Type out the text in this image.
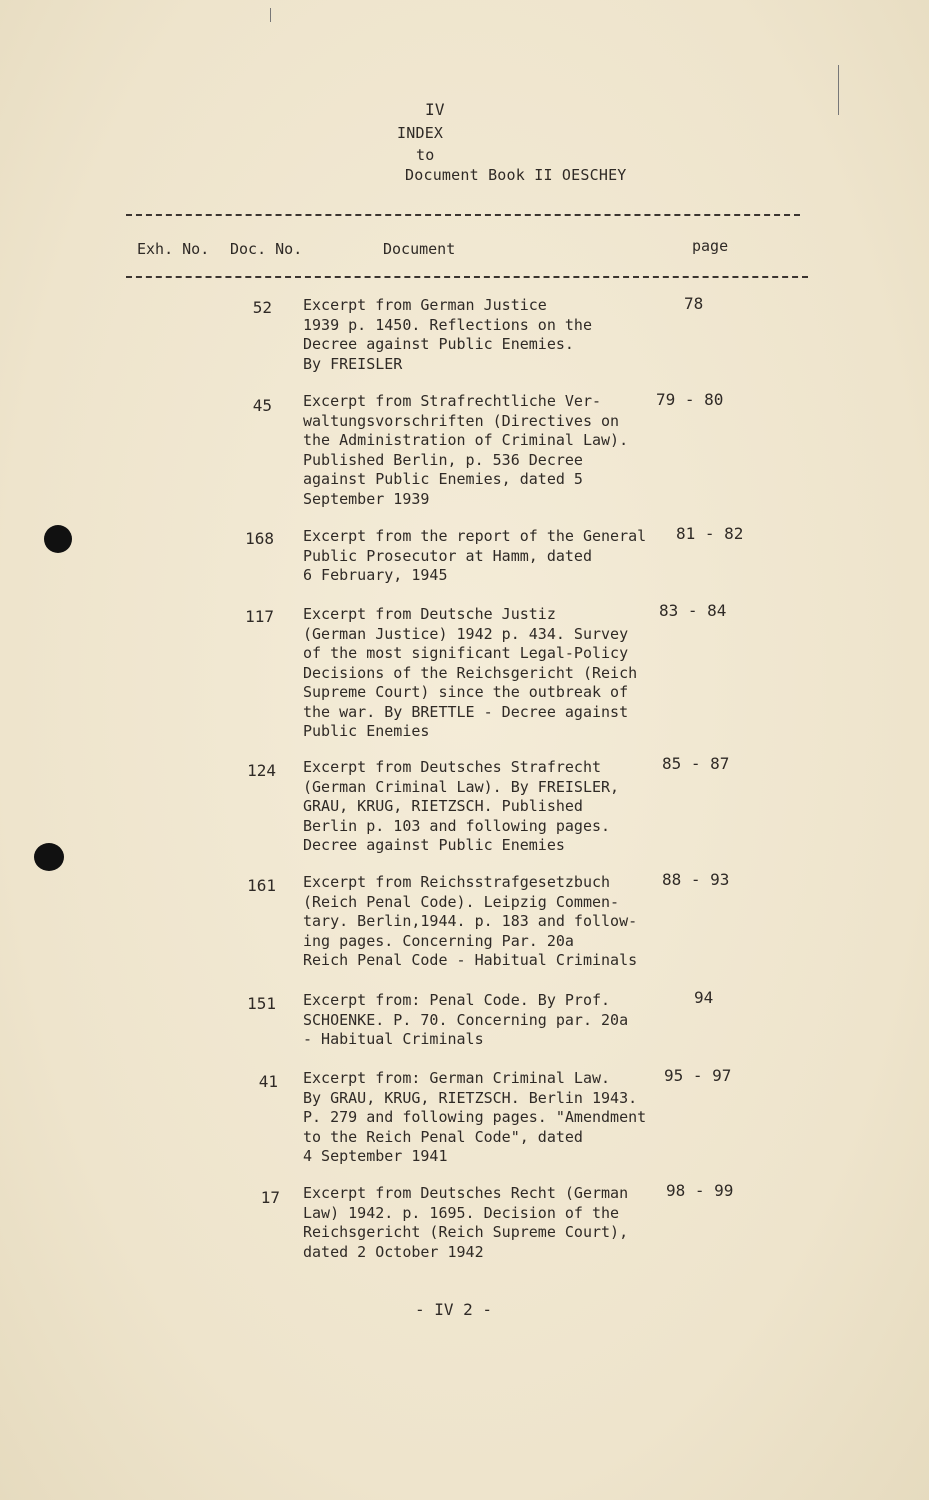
IV
INDEX
to
Document Book II OESCHEY
Exh. No. Doc. No.	Document	page
52 Excerpt from German Justice
1939 p. 1450. Reflections on the
Decree against Public Enemies.
By FREISLER
78
45 Excerpt from Strafrechtliche Ver-
waltungsvorschriften (Directives on
the Administration of Criminal Law).
Published Berlin, p. 536 Decree
against Public Enemies, dated 5
September 1939
79 - 80
168 Excerpt from the report of the General
Public Prosecutor at Hamm, dated
6 February, 1945
81 - 82
117 Excerpt from Deutsche Justiz
(German Justice) 1942 p. 434. Survey
of the most significant Legal-Policy
Decisions of the Reichsgericht (Reich
Supreme Court) since the outbreak of
the war. By BRETTLE - Decree against
Public Enemies
83 - 84
124 Excerpt from Deutsches Strafrecht
(German Criminal Law). By FREISLER,
GRAU, KRUG, RIETZSCH. Published
Berlin p. 103 and following pages.
Decree against Public Enemies
85 - 87
161 Excerpt from Reichsstrafgesetzbuch
(Reich Penal Code). Leipzig Commen-
tary. Berlin,1944. p. 183 and follow-
ing pages. Concerning Par. 20a
Reich Penal Code - Habitual Criminals
88 - 93
151 Excerpt from: Penal Code. By Prof.
SCHOENKE. P. 70. Concerning par. 20a
- Habitual Criminals
94
41 Excerpt from: German Criminal Law.
By GRAU, KRUG, RIETZSCH. Berlin 1943.
P. 279 and following pages. "Amendment
to the Reich Penal Code", dated
4 September 1941
95 - 97
17 Excerpt from Deutsches Recht (German
Law) 1942. p. 1695. Decision of the
Reichsgericht (Reich Supreme Court),
dated 2 October 1942
98 - 99
- IV 2 -
